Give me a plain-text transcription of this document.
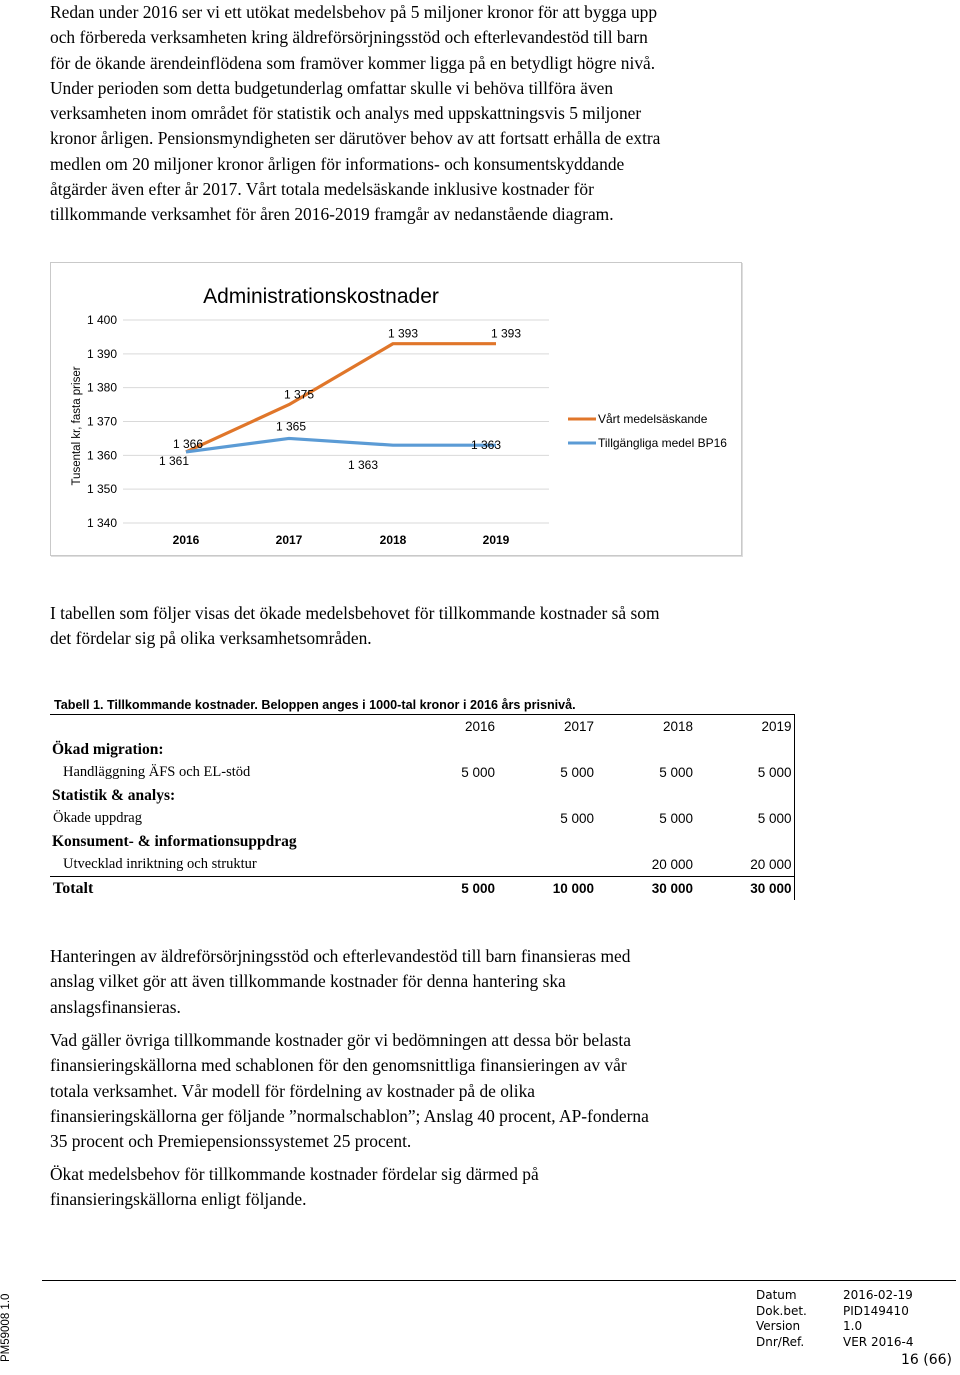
Redan under 2016 ser vi ett utökat medelsbehov på 5 miljoner kronor för att bygga upp
och förbereda verksamheten kring äldreförsörjningsstöd och efterlevandestöd till barn
för de ökande ärendeinflödena som framöver kommer ligga på en betydligt högre nivå.
Under perioden som detta budgetunderlag omfattar skulle vi behöva tillföra även
verksamheten inom området för statistik och analys med uppskattningsvis 5 miljoner
kronor årligen. Pensionsmyndigheten ser därutöver behov av att fortsatt erhålla de extra
medlen om 20 miljoner kronor årligen för informations- och konsumentskyddande
åtgärder även efter år 2017. Vårt totala medelsäskande inklusive kostnader för
tillkommande verksamhet för åren 2016-2019 framgår av nedanstående diagram.
Administrationskostnader
Tusental kr, fasta priser
1 400
1 390
1 380
1 370
1 360
1 350
1 340
2016	2017	2018	2019
1 366
1 375
1 393	1 393
1 361
1 365
1 363
1 363
Vårt medelsäskande
Tillgängliga medel BP16
I tabellen som följer visas det ökade medelsbehovet för tillkommande kostnader så som
det fördelar sig på olika verksamhetsområden.
Tabell 1. Tillkommande kostnader. Beloppen anges i 1000-tal kronor i 2016 års prisnivå.
	2016	2017	2018	2019
Ökad migration:				
Handläggning ÄFS och EL-stöd	5 000	5 000	5 000	5 000
Statistik & analys:				
Ökade uppdrag		5 000	5 000	5 000
Konsument- & informationsuppdrag				
Utvecklad inriktning och struktur			20 000	20 000
Totalt	5 000	10 000	30 000	30 000
Hanteringen av äldreförsörjningsstöd och efterlevandestöd till barn finansieras med
anslag vilket gör att även tillkommande kostnader för denna hantering ska
anslagsfinansieras.
Vad gäller övriga tillkommande kostnader gör vi bedömningen att dessa bör belasta
finansieringskällorna med schablonen för den genomsnittliga finansieringen av vår
totala verksamhet. Vår modell för fördelning av kostnader på de olika
finansieringskällorna ger följande ”normalschablon”; Anslag 40 procent, AP-fonderna
35 procent och Premiepensionssystemet 25 procent.
Ökat medelsbehov för tillkommande kostnader fördelar sig därmed på
finansieringskällorna enligt följande.
PM59008 1.0	Datum	2016-02-19
Dok.bet.	PID149410
Version	1.0
Dnr/Ref.	VER 2016-4
16 (66)
